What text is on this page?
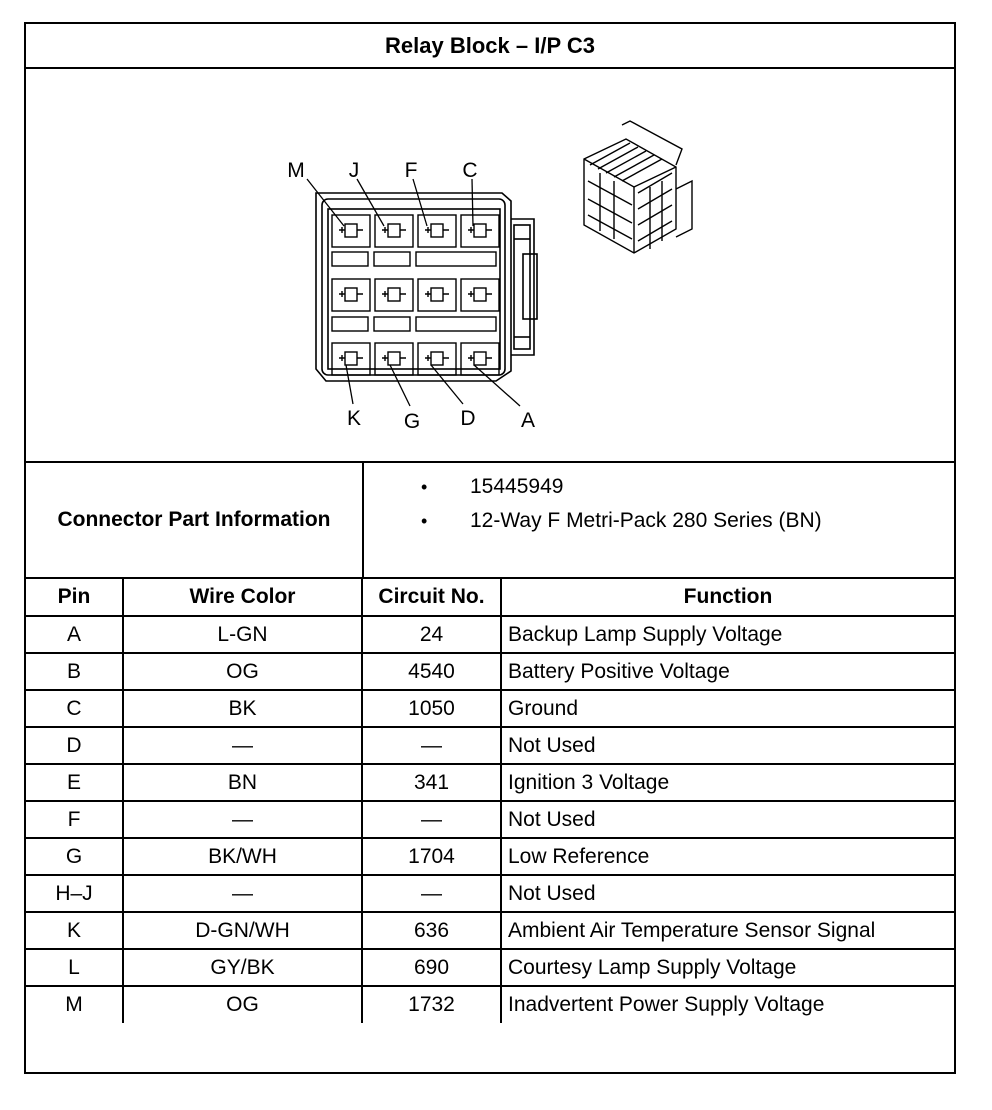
Relay Block – I/P C3
M J F C
K G D A
Connector Part Information
• 15445949
• 12-Way F Metri-Pack 280 Series (BN)
Pin	Wire Color	Circuit No.	Function
A	L-GN	24	Backup Lamp Supply Voltage
B	OG	4540	Battery Positive Voltage
C	BK	1050	Ground
D	—	—	Not Used
E	BN	341	Ignition 3 Voltage
F	—	—	Not Used
G	BK/WH	1704	Low Reference
H–J	—	—	Not Used
K	D-GN/WH	636	Ambient Air Temperature Sensor Signal
L	GY/BK	690	Courtesy Lamp Supply Voltage
M	OG	1732	Inadvertent Power Supply Voltage
